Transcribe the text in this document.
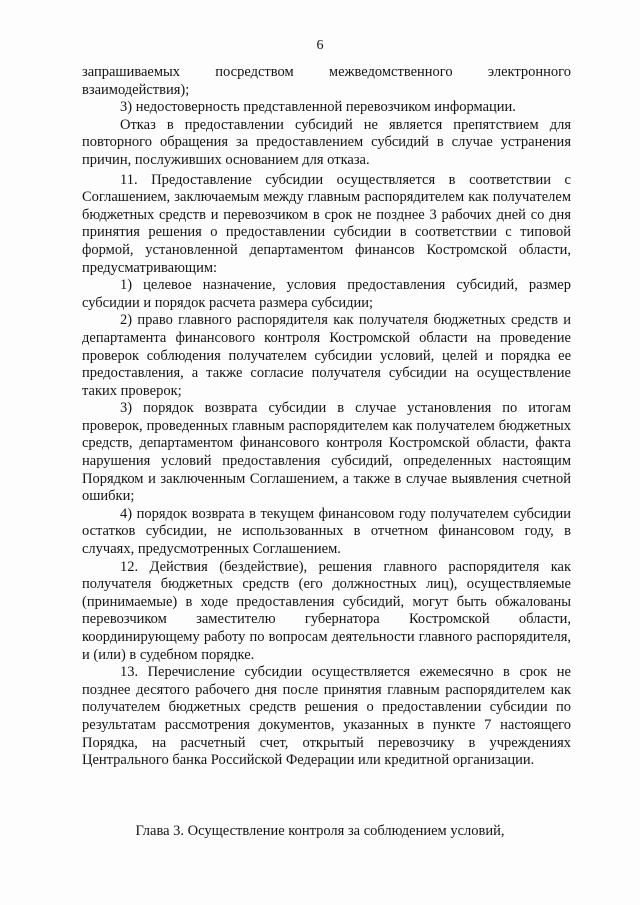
6

запрашиваемых посредством межведомственного электронного взаимодействия);

3) недостоверность представленной перевозчиком информации.

Отказ в предоставлении субсидий не является препятствием для повторного обращения за предоставлением субсидий в случае устранения причин, послуживших основанием для отказа.

11. Предоставление субсидии осуществляется в соответствии с Соглашением, заключаемым между главным распорядителем как получателем бюджетных средств и перевозчиком в срок не позднее 3 рабочих дней со дня принятия решения о предоставлении субсидии в соответствии с типовой формой, установленной департаментом финансов Костромской области, предусматривающим:

1) целевое назначение, условия предоставления субсидий, размер субсидии и порядок расчета размера субсидии;

2) право главного распорядителя как получателя бюджетных средств и департамента финансового контроля Костромской области на проведение проверок соблюдения получателем субсидии условий, целей и порядка ее предоставления, а также согласие получателя субсидии на осуществление таких проверок;

3) порядок возврата субсидии в случае установления по итогам проверок, проведенных главным распорядителем как получателем бюджетных средств, департаментом финансового контроля Костромской области, факта нарушения условий предоставления субсидий, определенных настоящим Порядком и заключенным Соглашением, а также в случае выявления счетной ошибки;

4) порядок возврата в текущем финансовом году получателем субсидии остатков субсидии, не использованных в отчетном финансовом году, в случаях, предусмотренных Соглашением.

12. Действия (бездействие), решения главного распорядителя как получателя бюджетных средств (его должностных лиц), осуществляемые (принимаемые) в ходе предоставления субсидий, могут быть обжалованы перевозчиком заместителю губернатора Костромской области, координирующему работу по вопросам деятельности главного распорядителя, и (или) в судебном порядке.

13. Перечисление субсидии осуществляется ежемесячно в срок не позднее десятого рабочего дня после принятия главным распорядителем как получателем бюджетных средств решения о предоставлении субсидии по результатам рассмотрения документов, указанных в пункте 7 настоящего Порядка, на расчетный счет, открытый перевозчику в учреждениях Центрального банка Российской Федерации или кредитной организации.

Глава 3. Осуществление контроля за соблюдением условий,
